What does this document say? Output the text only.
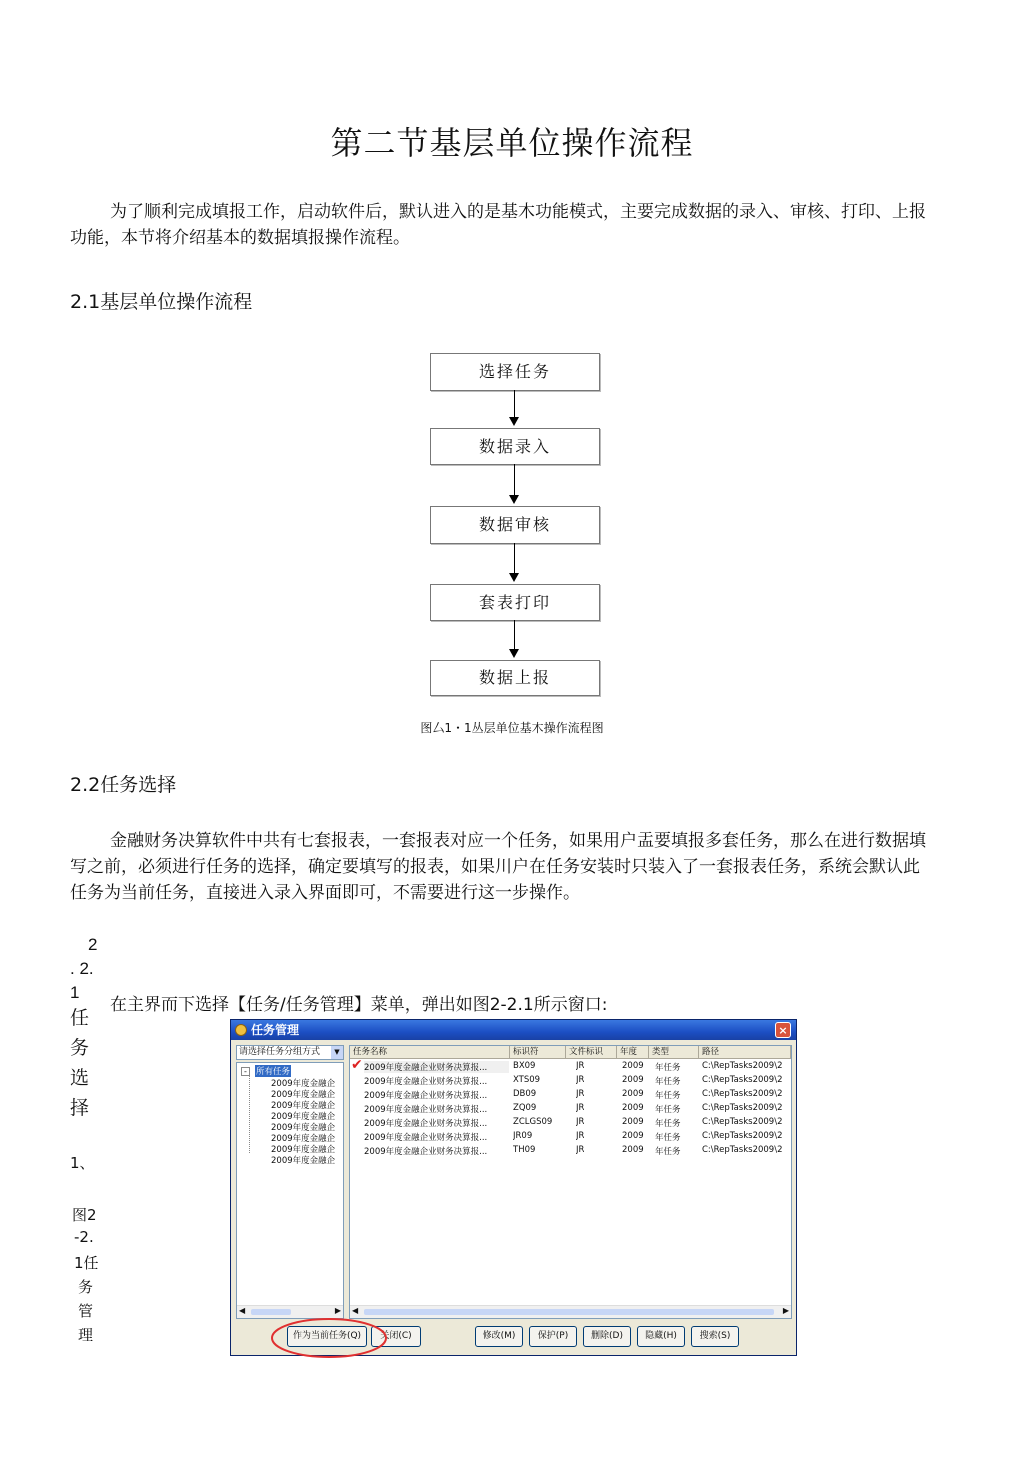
第二节基层单位操作流程
为了顺利完成填报工作，启动软件后，默认进入的是基木功能模式，主要完成数据的录入、审核、打印、上报功能，本节将介绍基本的数据填报操作流程。
2.1基层单位操作流程
选择任务
数据录入
数据审核
套表打印
数据上报
图厶1・1丛层单位基木操作流程图
2.2任务选择
金融财务决算软件中共有七套报表，一套报表对应一个任务，如果用户盂要填报多套任务，那么在进行数据填写之前，必须进行任务的选择，确定要填写的报表，如果川户在任务安装时只装入了一套报表任务，系统会默认此任务为当前任务，直接进入录入界面即可，不需要进行这一步操作。
2
. 2.
1
任
务
选
择
1、
在主界而下选择【任务/任务管理】菜单，弹出如图2-2.1所示窗口:
图2
-2.
1任
务
管
理
任务管理	×
请选择任务分组方式	▼
-	所有任务
2009年度金融企
2009年度金融企
2009年度金融企
2009年度金融企
2009年度金融企
2009年度金融企
2009年度金融企
2009年度金融企
◀	▶
任务名称	标识符	文件标识	年度	类型	路径
✔ 2009年度金融企业财务决算报...	BX09	JR	2009 年任务	C:\RepTasks2009\2
2009年度金融企业财务决算报...	XTS09	JR	2009 年任务	C:\RepTasks2009\2
2009年度金融企业财务决算报...	DB09	JR	2009 年任务	C:\RepTasks2009\2
2009年度金融企业财务决算报...	ZQ09	JR	2009 年任务	C:\RepTasks2009\2
2009年度金融企业财务决算报...	ZCLGS09	JR	2009 年任务	C:\RepTasks2009\2
2009年度金融企业财务决算报...	JR09	JR	2009 年任务	C:\RepTasks2009\2
2009年度金融企业财务决算报...	TH09	JR	2009 年任务	C:\RepTasks2009\2
◀	▶
作为当前任务(Q)	关闭(C)	修改(M)	保护(P)	删除(D)	隐藏(H)	搜索(S)
